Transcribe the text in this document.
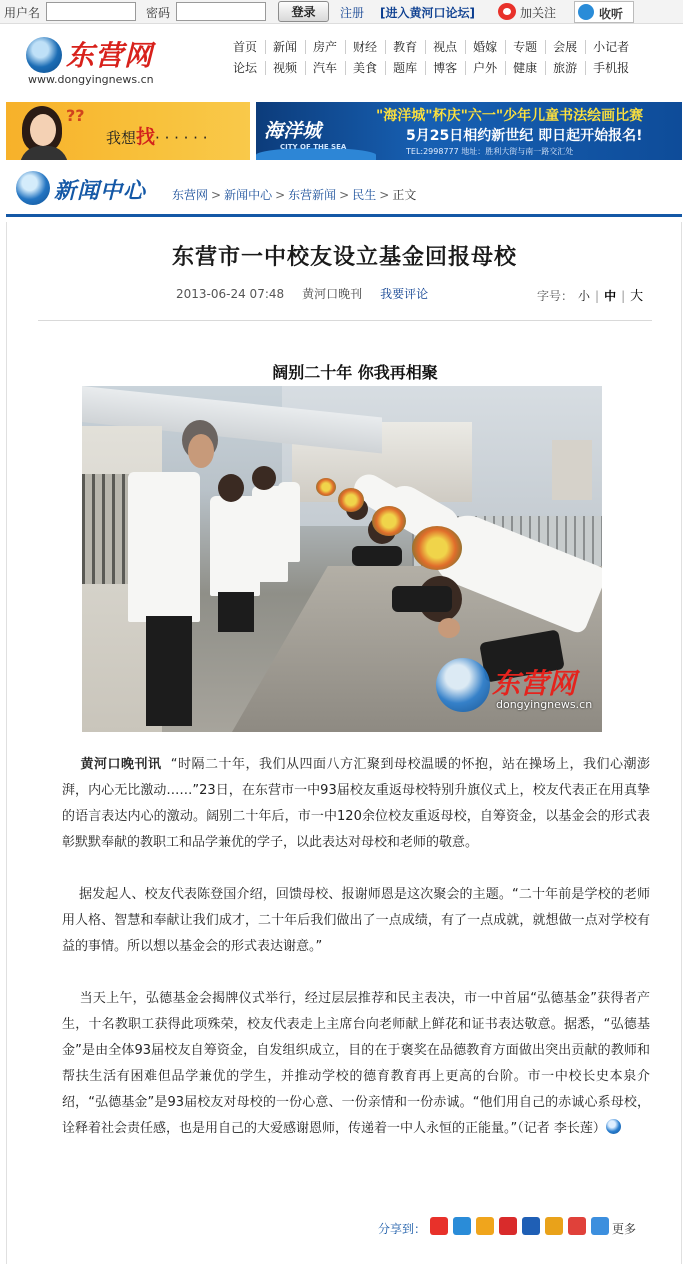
用户名	密码	登录	注册 [进入黄河口论坛]	加关注	收听
东营网
www.dongyingnews.cn
首页 新闻 房产 财经 教育 视点 婚嫁 专题 会展 小记者
论坛 视频 汽车 美食 题库 博客 户外 健康 旅游 手机报
??
我想找· · · · · ·	海洋城
CITY OF THE SEA
"海洋城"杯庆"六一"少年儿童书法绘画比赛
5月25日相约新世纪 即日起开始报名!
TEL:2998777 地址：胜利大街与南一路交汇处
新闻中心 东营网 > 新闻中心 > 东营新闻 > 民生 > 正文
东营市一中校友设立基金回报母校
2013-06-24 07:48 黄河口晚刊 我要评论	字号： 小 | 中 | 大
阔别二十年 你我再相聚
东营网
dongyingnews.cn

黄河口晚刊讯 “时隔二十年，我们从四面八方汇聚到母校温暖的怀抱，站在操场上，我们心潮澎湃，内心无比激动……”23日，在东营市一中93届校友重返母校特别升旗仪式上，校友代表正在用真挚的语言表达内心的激动。阔别二十年后，市一中120余位校友重返母校，自筹资金，以基金会的形式表彰默默奉献的教职工和品学兼优的学子，以此表达对母校和老师的敬意。

据发起人、校友代表陈登国介绍，回馈母校、报谢师恩是这次聚会的主题。“二十年前是学校的老师用人格、智慧和奉献让我们成才，二十年后我们做出了一点成绩，有了一点成就，就想做一点对学校有益的事情。所以想以基金会的形式表达谢意。”

当天上午，弘德基金会揭牌仪式举行，经过层层推荐和民主表决，市一中首届“弘德基金”获得者产生，十名教职工获得此项殊荣，校友代表走上主席台向老师献上鲜花和证书表达敬意。据悉，“弘德基金”是由全体93届校友自筹资金，自发组织成立，目的在于褒奖在品德教育方面做出突出贡献的教师和帮扶生活有困难但品学兼优的学生，并推动学校的德育教育再上更高的台阶。市一中校长史本泉介绍，“弘德基金”是93届校友对母校的一份心意、一份亲情和一份赤诚。“他们用自己的赤诚心系母校，诠释着社会责任感，也是用自己的大爱感谢恩师，传递着一中人永恒的正能量。”（记者 李长莲）

分享到：	更多
